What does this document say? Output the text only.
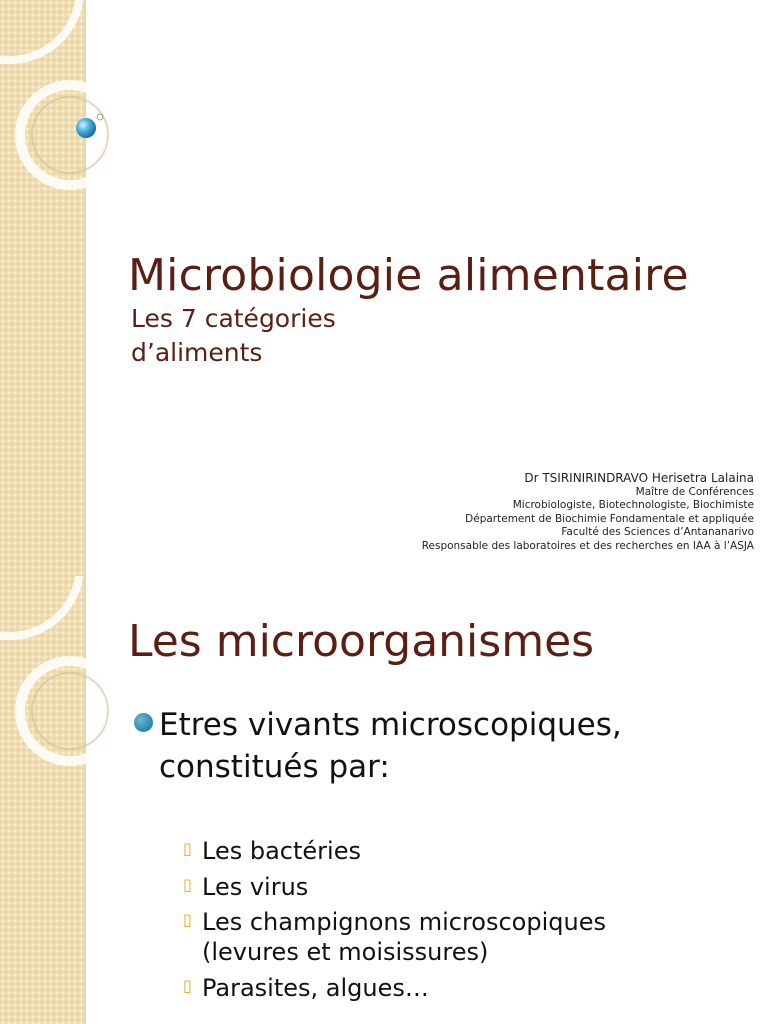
Microbiologie alimentaire
Les 7 catégories
d’aliments
Dr TSIRINIRINDRAVO Herisetra Lalaina
Maître de Conférences
Microbiologiste, Biotechnologiste, Biochimiste
Département de Biochimie Fondamentale et appliquée
Faculté des Sciences d’Antananarivo
Responsable des laboratoires et des recherches en IAA à l’ASJA
Les microorganismes
Etres vivants microscopiques,
constitués par:
▯ Les bactéries
▯ Les virus
▯ Les champignons microscopiques
(levures et moisissures)
▯ Parasites, algues…
